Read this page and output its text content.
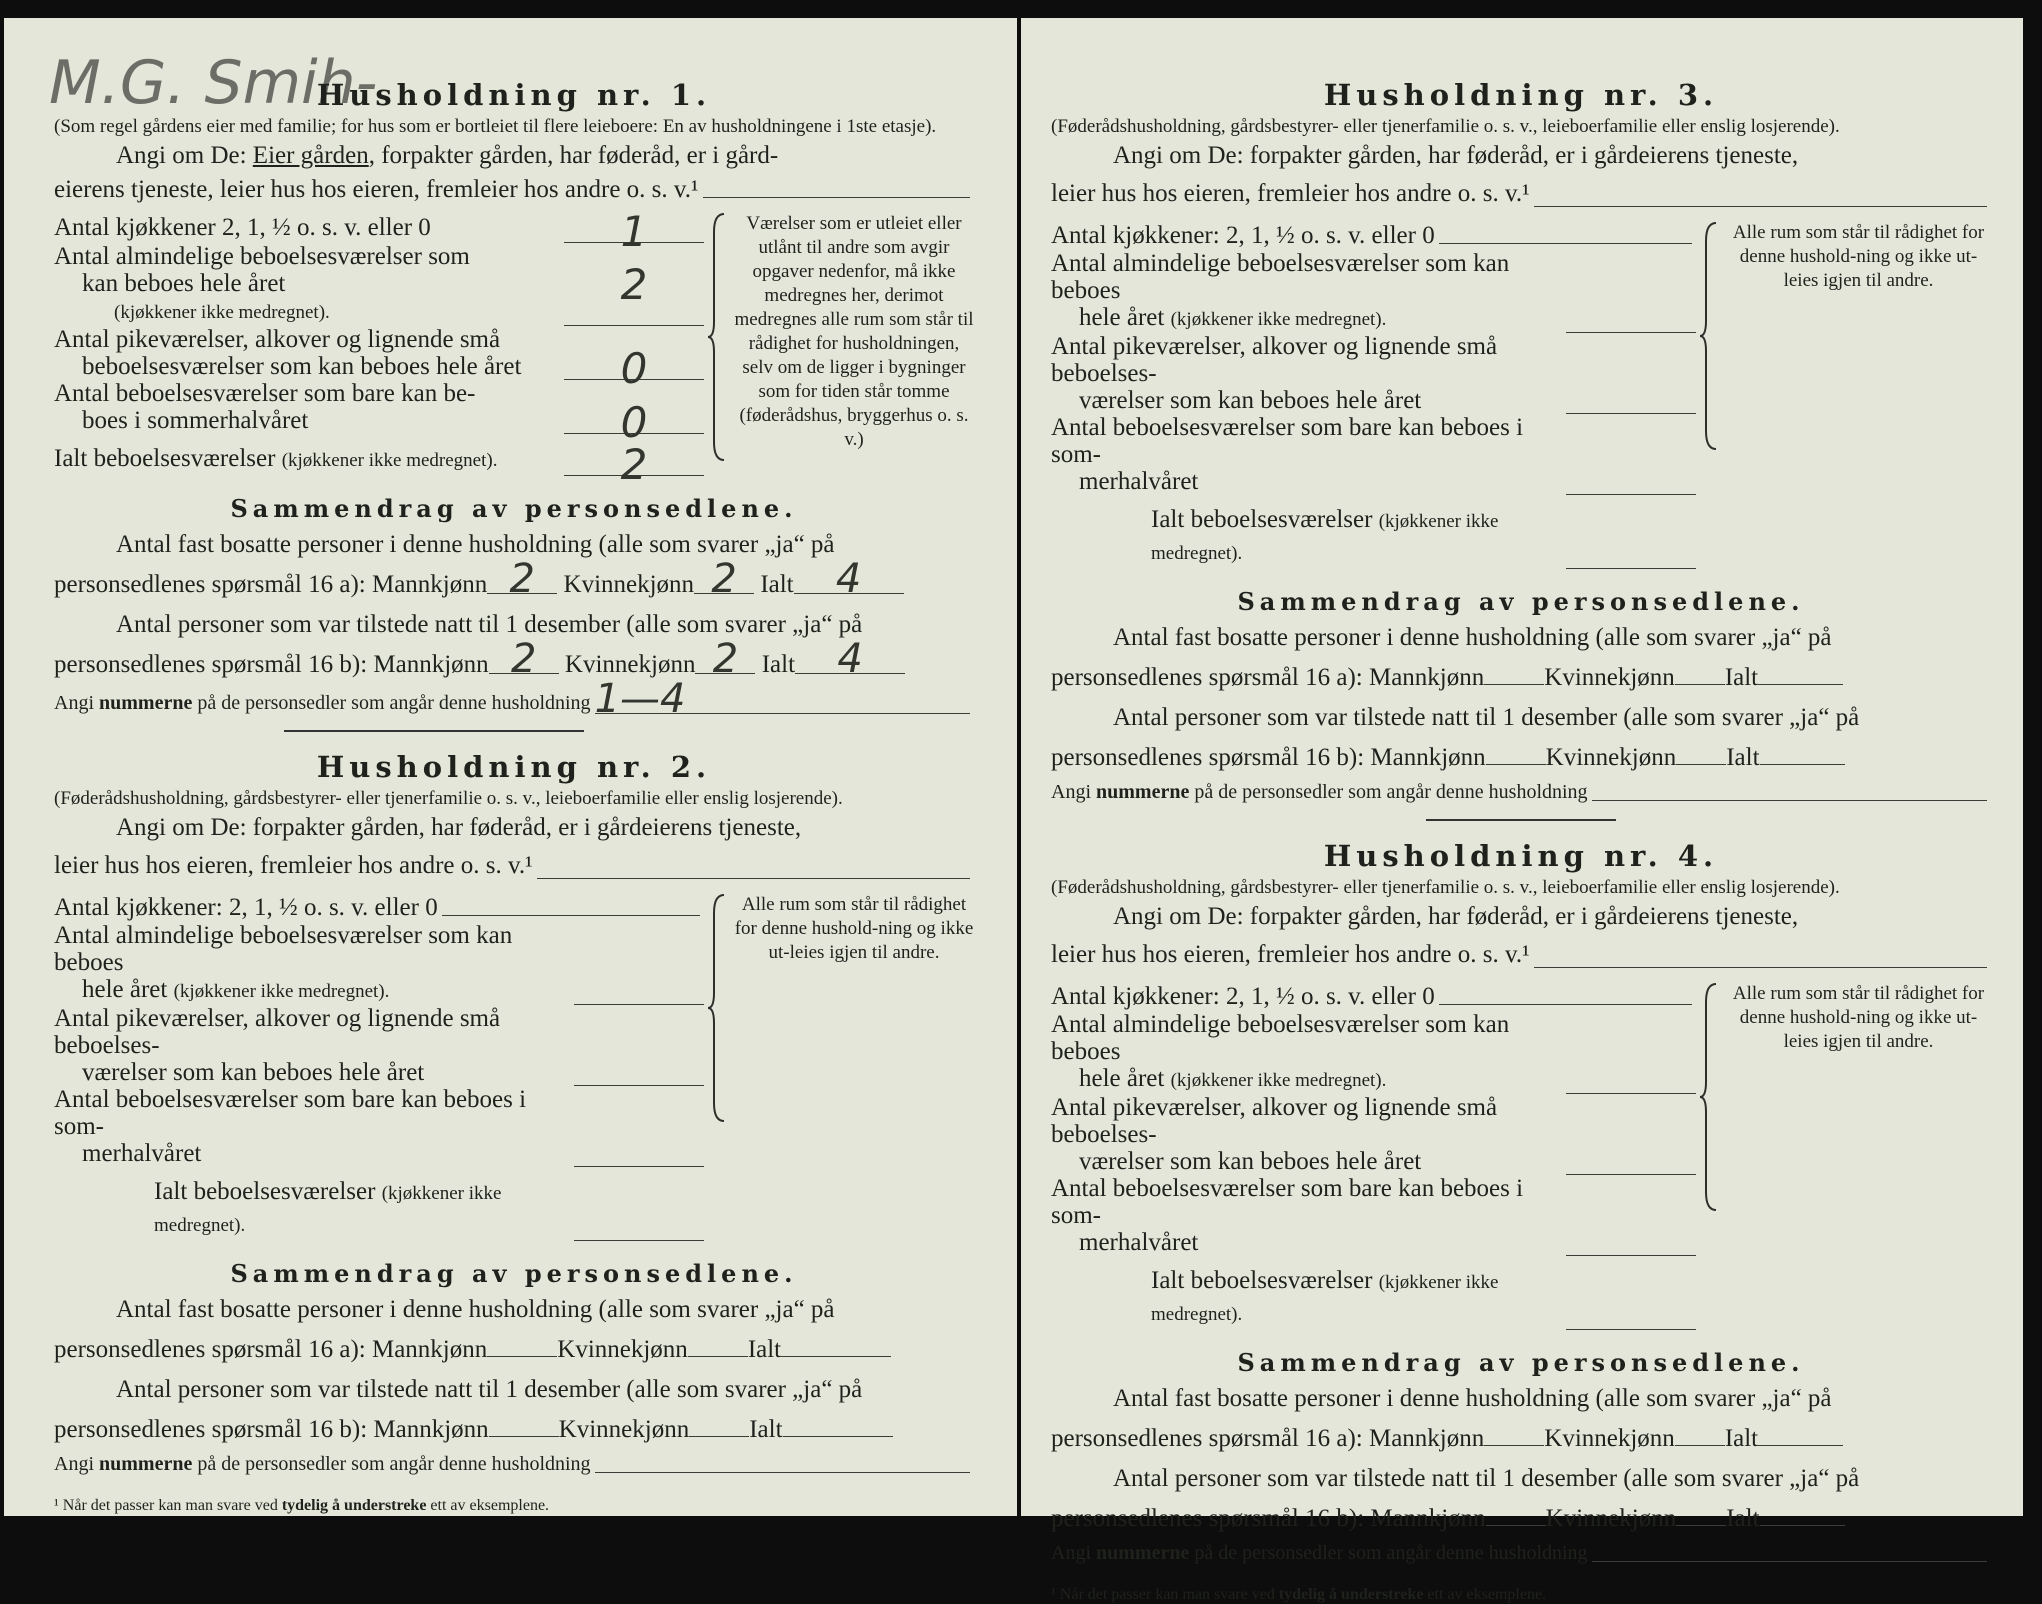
M.G. Smih-
Husholdning nr. 1.
(Som regel gårdens eier med familie; for hus som er bortleiet til flere leieboere: En av husholdningene i 1ste etasje).
Angi om De: Eier gården, forpakter gården, har føderåd, er i gård-
eierens tjeneste, leier hus hos eieren, fremleier hos andre o. s. v.¹
Antal kjøkkener 2, 1, ½ o. s. v. eller 0	1
Antal almindelige beboelsesværelser som
kan beboes hele året
(kjøkkener ikke medregnet).
2
Antal pikeværelser, alkover og lignende små
beboelsesværelser som kan beboes hele året	0
Antal beboelsesværelser som bare kan be-
boes i sommerhalvåret	0
Ialt beboelsesværelser (kjøkkener ikke medregnet).	2
Værelser som er utleiet eller utlånt til andre som avgir opgaver nedenfor, må ikke medregnes her, derimot medregnes alle rum som står til rådighet for husholdningen, selv om de ligger i bygninger som for tiden står tomme (føderådshus, bryggerhus o. s. v.)
Sammendrag av personsedlene.
Antal fast bosatte personer i denne husholdning (alle som svarer „ja“ på
personsedlenes spørsmål 16 a): Mannkjønn 2 Kvinnekjønn 2 Ialt 4
Antal personer som var tilstede natt til 1 desember (alle som svarer „ja“ på
personsedlenes spørsmål 16 b): Mannkjønn 2 Kvinnekjønn 2 Ialt 4
Angi nummerne på de personsedler som angår denne husholdning 1—4
Husholdning nr. 2.
(Føderådshusholdning, gårdsbestyrer- eller tjenerfamilie o. s. v., leieboerfamilie eller enslig losjerende).
Angi om De: forpakter gården, har føderåd, er i gårdeierens tjeneste,
leier hus hos eieren, fremleier hos andre o. s. v.¹
Antal kjøkkener: 2, 1, ½ o. s. v. eller 0
Antal almindelige beboelsesværelser som kan beboes
hele året (kjøkkener ikke medregnet).
Antal pikeværelser, alkover og lignende små beboelses-
værelser som kan beboes hele året
Antal beboelsesværelser som bare kan beboes i som-
merhalvåret
Ialt beboelsesværelser (kjøkkener ikke medregnet).
Alle rum som står til rådighet for denne hushold-ning og ikke ut-leies igjen til andre.
Sammendrag av personsedlene.
Antal fast bosatte personer i denne husholdning (alle som svarer „ja“ på
personsedlenes spørsmål 16 a): Mannkjønn	Kvinnekjønn Ialt
Antal personer som var tilstede natt til 1 desember (alle som svarer „ja“ på
personsedlenes spørsmål 16 b): Mannkjønn	Kvinnekjønn Ialt
Angi nummerne på de personsedler som angår denne husholdning
¹ Når det passer kan man svare ved tydelig å understreke ett av eksemplene.
Husholdning nr. 3.
(Føderådshusholdning, gårdsbestyrer- eller tjenerfamilie o. s. v., leieboerfamilie eller enslig losjerende).
Angi om De: forpakter gården, har føderåd, er i gårdeierens tjeneste,
leier hus hos eieren, fremleier hos andre o. s. v.¹
Antal kjøkkener: 2, 1, ½ o. s. v. eller 0
Antal almindelige beboelsesværelser som kan beboes
hele året (kjøkkener ikke medregnet).
Antal pikeværelser, alkover og lignende små beboelses-
værelser som kan beboes hele året
Antal beboelsesværelser som bare kan beboes i som-
merhalvåret
Ialt beboelsesværelser (kjøkkener ikke medregnet).
Alle rum som står til rådighet for denne hushold-ning og ikke ut-leies igjen til andre.
Sammendrag av personsedlene.
Antal fast bosatte personer i denne husholdning (alle som svarer „ja“ på
personsedlenes spørsmål 16 a): Mannkjønn Kvinnekjønn Ialt
Antal personer som var tilstede natt til 1 desember (alle som svarer „ja“ på
personsedlenes spørsmål 16 b): Mannkjønn Kvinnekjønn Ialt
Angi nummerne på de personsedler som angår denne husholdning
Husholdning nr. 4.
(Føderådshusholdning, gårdsbestyrer- eller tjenerfamilie o. s. v., leieboerfamilie eller enslig losjerende).
Angi om De: forpakter gården, har føderåd, er i gårdeierens tjeneste,
leier hus hos eieren, fremleier hos andre o. s. v.¹
Antal kjøkkener: 2, 1, ½ o. s. v. eller 0
Antal almindelige beboelsesværelser som kan beboes
hele året (kjøkkener ikke medregnet).
Antal pikeværelser, alkover og lignende små beboelses-
værelser som kan beboes hele året
Antal beboelsesværelser som bare kan beboes i som-
merhalvåret
Ialt beboelsesværelser (kjøkkener ikke medregnet).
Alle rum som står til rådighet for denne hushold-ning og ikke ut-leies igjen til andre.
Sammendrag av personsedlene.
Antal fast bosatte personer i denne husholdning (alle som svarer „ja“ på
personsedlenes spørsmål 16 a): Mannkjønn Kvinnekjønn Ialt
Antal personer som var tilstede natt til 1 desember (alle som svarer „ja“ på
personsedlenes spørsmål 16 b): Mannkjønn Kvinnekjønn Ialt
Angi nummerne på de personsedler som angår denne husholdning
¹ Når det passer kan man svare ved tydelig å understreke ett av eksemplene.
